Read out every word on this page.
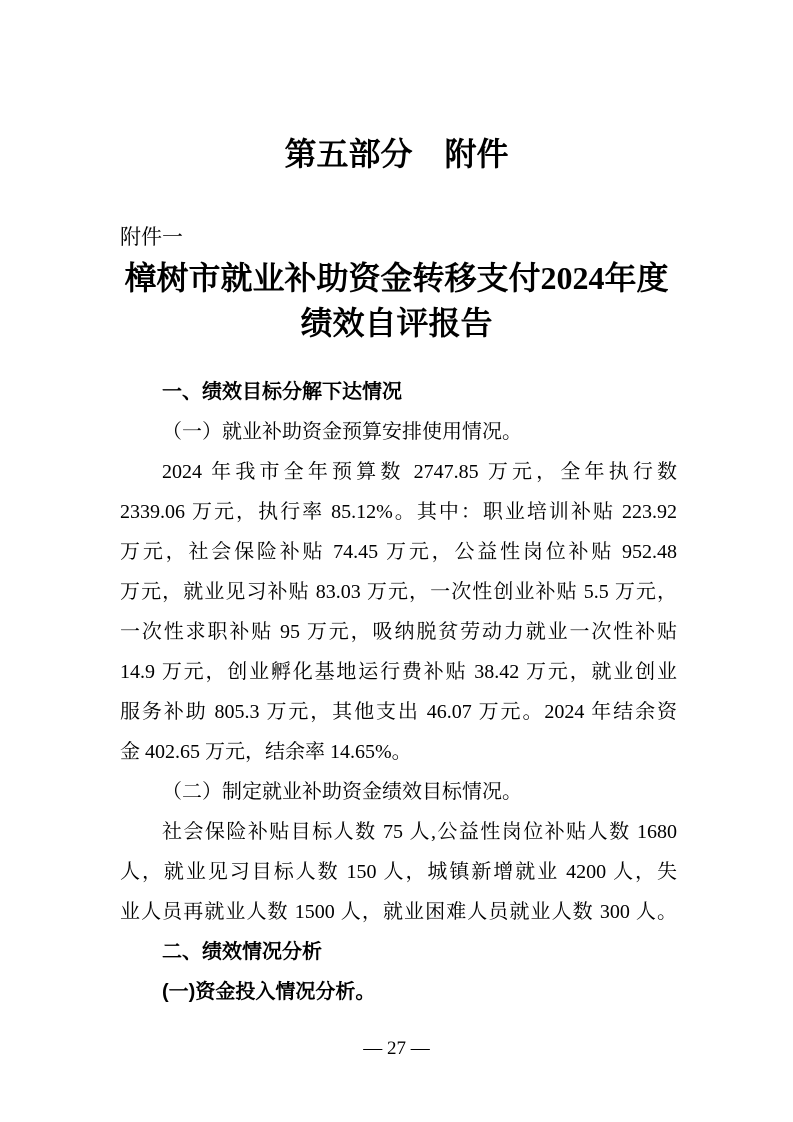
第五部分　附件
附件一
樟树市就业补助资金转移支付2024年度
绩效自评报告
一、绩效目标分解下达情况
（一）就业补助资金预算安排使用情况。
2024 年我市全年预算数 2747.85 万元，全年执行数
2339.06 万元，执行率 85.12%。其中：职业培训补贴 223.92
万元，社会保险补贴 74.45 万元，公益性岗位补贴 952.48
万元，就业见习补贴 83.03 万元，一次性创业补贴 5.5 万元，
一次性求职补贴 95 万元，吸纳脱贫劳动力就业一次性补贴
14.9 万元，创业孵化基地运行费补贴 38.42 万元，就业创业
服务补助 805.3 万元，其他支出 46.07 万元。2024 年结余资
金 402.65 万元，结余率 14.65%。
（二）制定就业补助资金绩效目标情况。
社会保险补贴目标人数 75 人,公益性岗位补贴人数 1680
人，就业见习目标人数 150 人，城镇新增就业 4200 人，失
业人员再就业人数 1500 人，就业困难人员就业人数 300 人。
二、绩效情况分析
(一)资金投入情况分析。
— 27 —
